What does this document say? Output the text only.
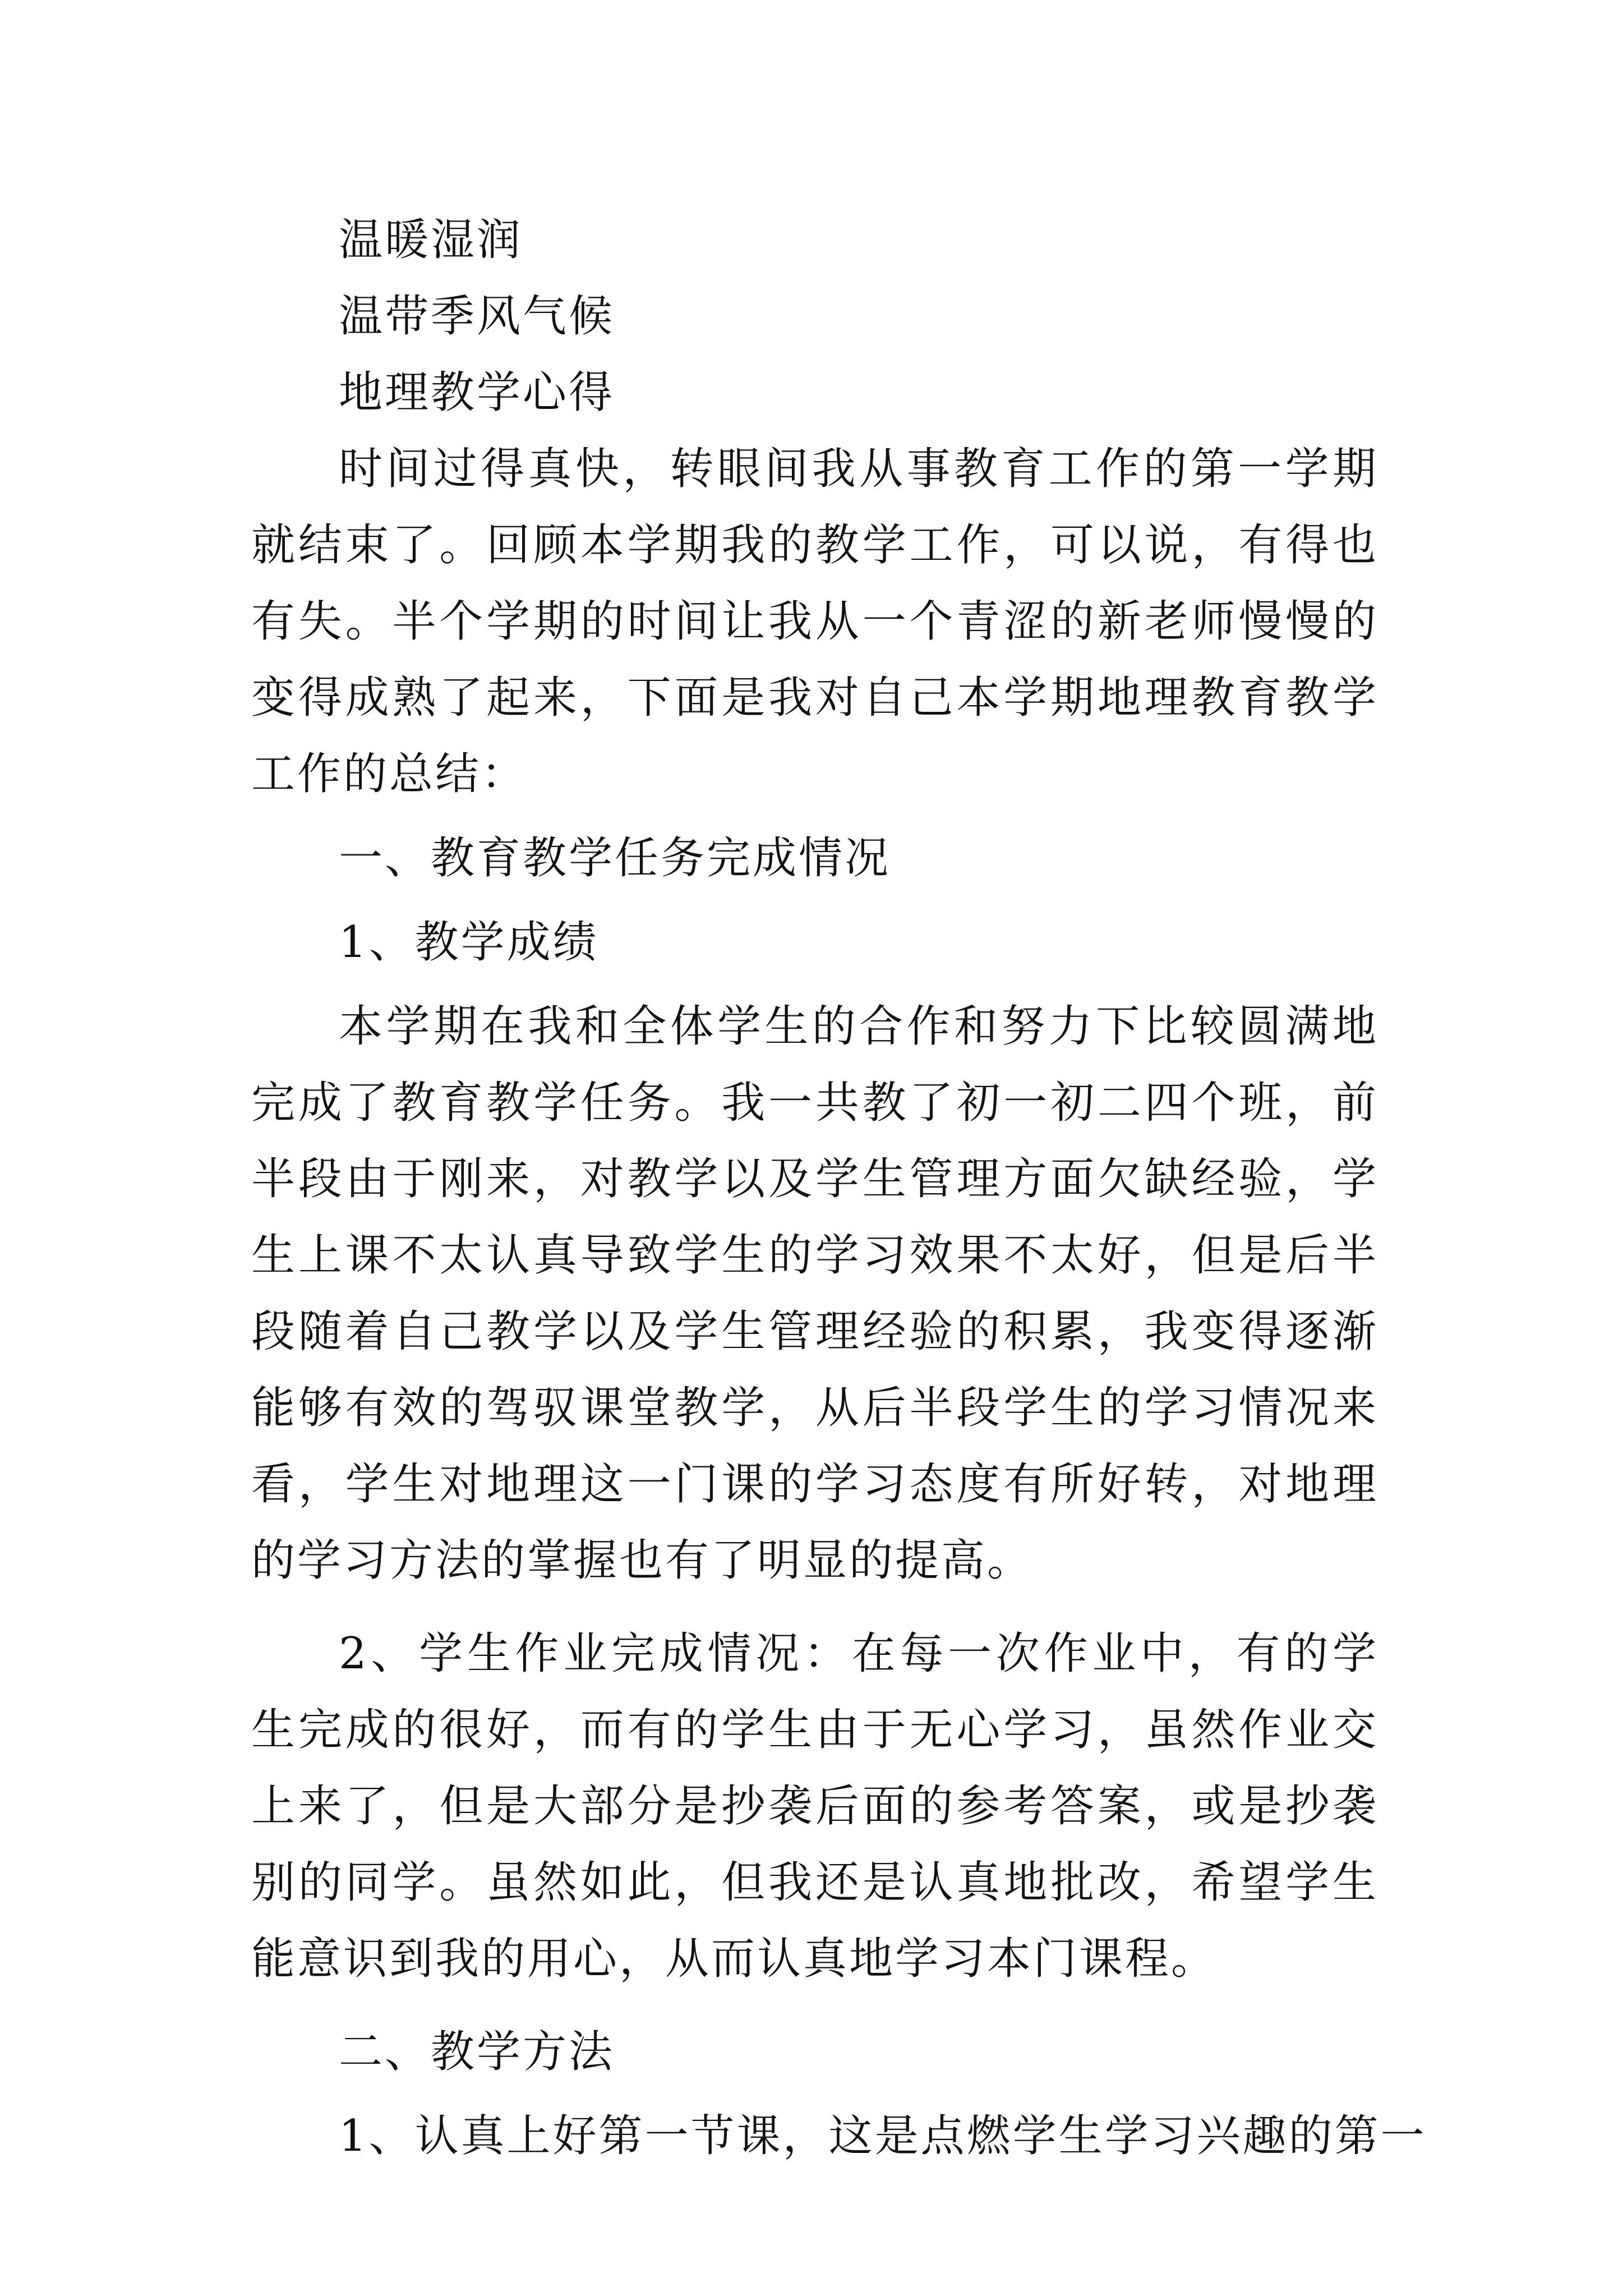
温暖湿润

温带季风气候

地理教学心得

时间过得真快，转眼间我从事教育工作的第一学期就结束了。回顾本学期我的教学工作，可以说，有得也有失。半个学期的时间让我从一个青涩的新老师慢慢的变得成熟了起来，下面是我对自己本学期地理教育教学工作的总结：

一、教育教学任务完成情况

1、教学成绩

本学期在我和全体学生的合作和努力下比较圆满地完成了教育教学任务。我一共教了初一初二四个班，前半段由于刚来，对教学以及学生管理方面欠缺经验，学生上课不太认真导致学生的学习效果不太好，但是后半段随着自己教学以及学生管理经验的积累，我变得逐渐能够有效的驾驭课堂教学，从后半段学生的学习情况来看，学生对地理这一门课的学习态度有所好转，对地理的学习方法的掌握也有了明显的提高。

2、学生作业完成情况：在每一次作业中，有的学生完成的很好，而有的学生由于无心学习，虽然作业交上来了，但是大部分是抄袭后面的参考答案，或是抄袭别的同学。虽然如此，但我还是认真地批改，希望学生能意识到我的用心，从而认真地学习本门课程。

二、教学方法

1、认真上好第一节课，这是点燃学生学习兴趣的第一
